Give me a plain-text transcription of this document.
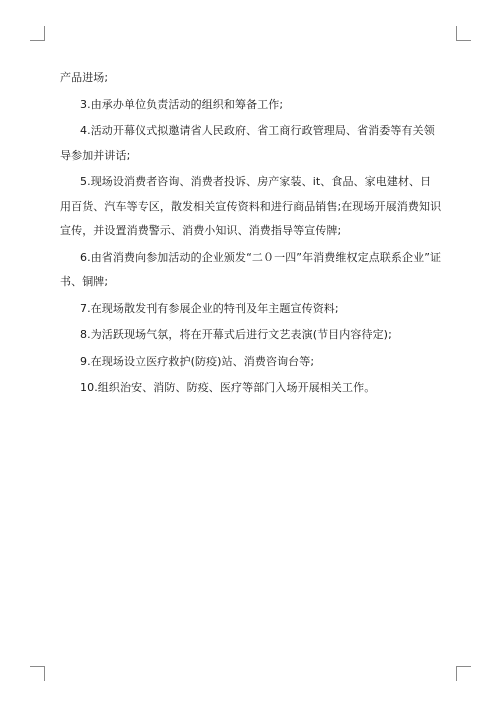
产品进场;

3.由承办单位负责活动的组织和筹备工作;

4.活动开幕仪式拟邀请省人民政府、省工商行政管理局、省消委等有关领导参加并讲话;

5.现场设消费者咨询、消费者投诉、房产家装、it、食品、家电建材、日用百货、汽车等专区，散发相关宣传资料和进行商品销售;在现场开展消费知识宣传，并设置消费警示、消费小知识、消费指导等宣传牌;

6.由省消费向参加活动的企业颁发“二０一四”年消费维权定点联系企业”证书、铜牌;

7.在现场散发刊有参展企业的特刊及年主题宣传资料;

8.为活跃现场气氛，将在开幕式后进行文艺表演(节目内容待定);

9.在现场设立医疗救护(防疫)站、消费咨询台等;

10.组织治安、消防、防疫、医疗等部门入场开展相关工作。
